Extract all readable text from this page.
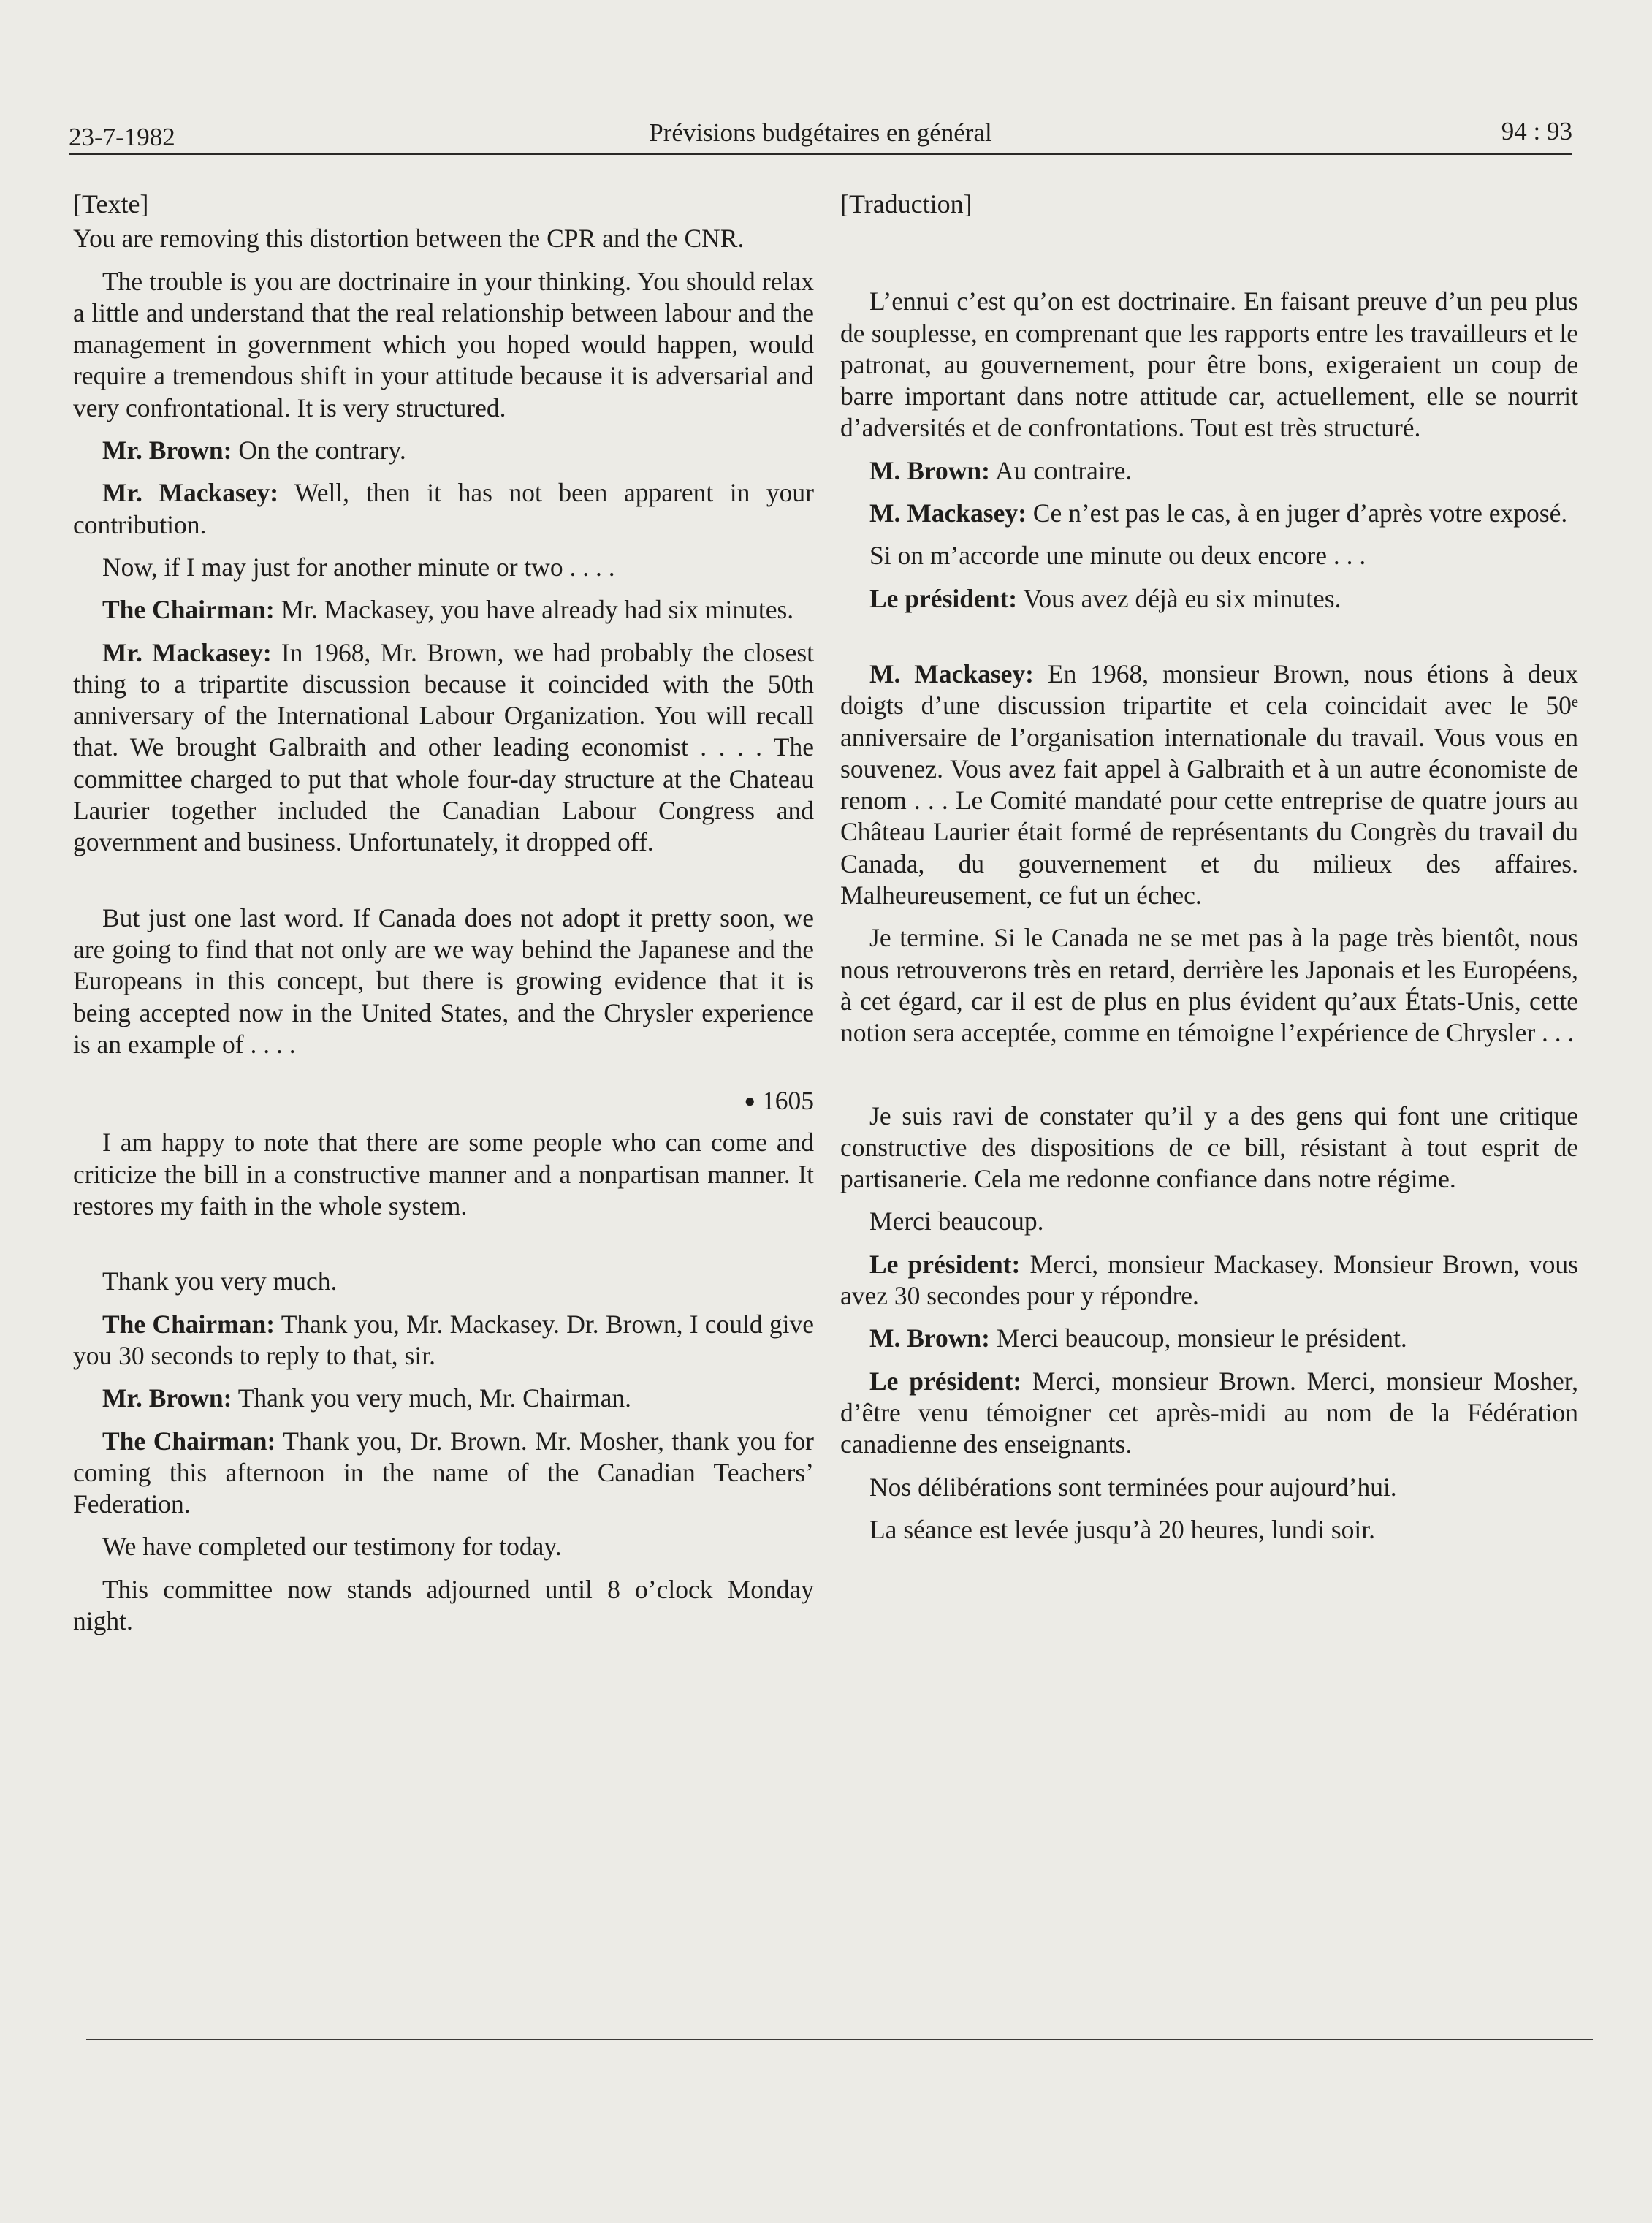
23-7-1982	Prévisions budgétaires en général	94 : 93

[Texte]

You are removing this distortion between the CPR and the CNR.

The trouble is you are doctrinaire in your thinking. You should relax a little and understand that the real relationship between labour and the management in government which you hoped would happen, would require a tremendous shift in your attitude because it is adversarial and very confrontational. It is very structured.

Mr. Brown: On the contrary.

Mr. Mackasey: Well, then it has not been apparent in your contribution.

Now, if I may just for another minute or two . . . .

The Chairman: Mr. Mackasey, you have already had six minutes.

Mr. Mackasey: In 1968, Mr. Brown, we had probably the closest thing to a tripartite discussion because it coincided with the 50th anniversary of the International Labour Organization. You will recall that. We brought Galbraith and other leading economist . . . . The committee charged to put that whole four-day structure at the Chateau Laurier together included the Canadian Labour Congress and government and business. Unfortunately, it dropped off.

But just one last word. If Canada does not adopt it pretty soon, we are going to find that not only are we way behind the Japanese and the Europeans in this concept, but there is growing evidence that it is being accepted now in the United States, and the Chrysler experience is an example of . . . .

● 1605

I am happy to note that there are some people who can come and criticize the bill in a constructive manner and a nonpartisan manner. It restores my faith in the whole system.

Thank you very much.

The Chairman: Thank you, Mr. Mackasey. Dr. Brown, I could give you 30 seconds to reply to that, sir.

Mr. Brown: Thank you very much, Mr. Chairman.

The Chairman: Thank you, Dr. Brown. Mr. Mosher, thank you for coming this afternoon in the name of the Canadian Teachers’ Federation.

We have completed our testimony for today.

This committee now stands adjourned until 8 o’clock Monday night.

[Traduction]

L’ennui c’est qu’on est doctrinaire. En faisant preuve d’un peu plus de souplesse, en comprenant que les rapports entre les travailleurs et le patronat, au gouvernement, pour être bons, exigeraient un coup de barre important dans notre attitude car, actuellement, elle se nourrit d’adversités et de confrontations. Tout est très structuré.

M. Brown: Au contraire.

M. Mackasey: Ce n’est pas le cas, à en juger d’après votre exposé.

Si on m’accorde une minute ou deux encore . . .

Le président: Vous avez déjà eu six minutes.

M. Mackasey: En 1968, monsieur Brown, nous étions à deux doigts d’une discussion tripartite et cela coincidait avec le 50ᵉ anniversaire de l’organisation internationale du travail. Vous vous en souvenez. Vous avez fait appel à Galbraith et à un autre économiste de renom . . . Le Comité mandaté pour cette entreprise de quatre jours au Château Laurier était formé de représentants du Congrès du travail du Canada, du gouvernement et du milieux des affaires. Malheureusement, ce fut un échec.

Je termine. Si le Canada ne se met pas à la page très bientôt, nous nous retrouverons très en retard, derrière les Japonais et les Européens, à cet égard, car il est de plus en plus évident qu’aux États-Unis, cette notion sera acceptée, comme en témoigne l’expérience de Chrysler . . .

Je suis ravi de constater qu’il y a des gens qui font une critique constructive des dispositions de ce bill, résistant à tout esprit de partisanerie. Cela me redonne confiance dans notre régime.

Merci beaucoup.

Le président: Merci, monsieur Mackasey. Monsieur Brown, vous avez 30 secondes pour y répondre.

M. Brown: Merci beaucoup, monsieur le président.

Le président: Merci, monsieur Brown. Merci, monsieur Mosher, d’être venu témoigner cet après-midi au nom de la Fédération canadienne des enseignants.

Nos délibérations sont terminées pour aujourd’hui.

La séance est levée jusqu’à 20 heures, lundi soir.
